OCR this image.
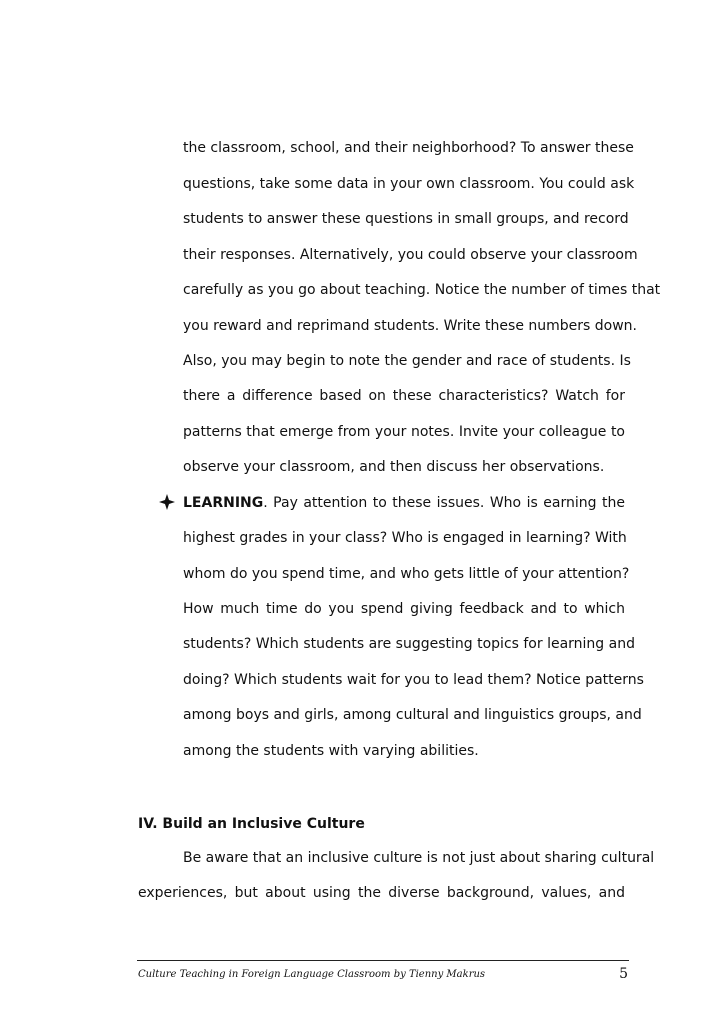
the classroom, school, and their neighborhood? To answer these
questions, take some data in your own classroom. You could ask
students to answer these questions in small groups, and record
their responses. Alternatively, you could observe your classroom
carefully as you go about teaching. Notice the number of times that
you reward and reprimand students. Write these numbers down.
Also, you may begin to note the gender and race of students. Is
there a difference based on these characteristics? Watch for
patterns that emerge from your notes. Invite your colleague to
observe your classroom, and then discuss her observations.
LEARNING. Pay attention to these issues. Who is earning the
highest grades in your class? Who is engaged in learning? With
whom do you spend time, and who gets little of your attention?
How much time do you spend giving feedback and to which
students? Which students are suggesting topics for learning and
doing? Which students wait for you to lead them? Notice patterns
among boys and girls, among cultural and linguistics groups, and
among the students with varying abilities.
IV. Build an Inclusive Culture
Be aware that an inclusive culture is not just about sharing cultural
experiences, but about using the diverse background, values, and
Culture Teaching in Foreign Language Classroom by Tienny Makrus	5
